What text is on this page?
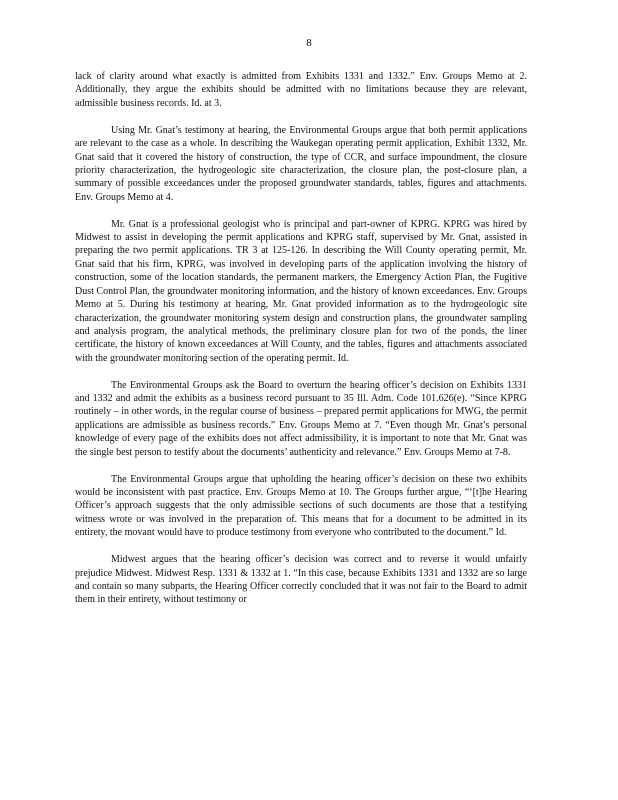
8

lack of clarity around what exactly is admitted from Exhibits 1331 and 1332.” Env. Groups Memo at 2. Additionally, they argue the exhibits should be admitted with no limitations because they are relevant, admissible business records. Id. at 3.

Using Mr. Gnat’s testimony at hearing, the Environmental Groups argue that both permit applications are relevant to the case as a whole. In describing the Waukegan operating permit application, Exhibit 1332, Mr. Gnat said that it covered the history of construction, the type of CCR, and surface impoundment, the closure priority characterization, the hydrogeologic site characterization, the closure plan, the post-closure plan, a summary of possible exceedances under the proposed groundwater standards, tables, figures and attachments. Env. Groups Memo at 4.

Mr. Gnat is a professional geologist who is principal and part-owner of KPRG. KPRG was hired by Midwest to assist in developing the permit applications and KPRG staff, supervised by Mr. Gnat, assisted in preparing the two permit applications. TR 3 at 125-126. In describing the Will County operating permit, Mr. Gnat said that his firm, KPRG, was involved in developing parts of the application involving the history of construction, some of the location standards, the permanent markers, the Emergency Action Plan, the Fugitive Dust Control Plan, the groundwater monitoring information, and the history of known exceedances. Env. Groups Memo at 5. During his testimony at hearing, Mr. Gnat provided information as to the hydrogeologic site characterization, the groundwater monitoring system design and construction plans, the groundwater sampling and analysis program, the analytical methods, the preliminary closure plan for two of the ponds, the liner certificate, the history of known exceedances at Will County, and the tables, figures and attachments associated with the groundwater monitoring section of the operating permit. Id.

The Environmental Groups ask the Board to overturn the hearing officer’s decision on Exhibits 1331 and 1332 and admit the exhibits as a business record pursuant to 35 Ill. Adm. Code 101.626(e). “Since KPRG routinely – in other words, in the regular course of business – prepared permit applications for MWG, the permit applications are admissible as business records.” Env. Groups Memo at 7. “Even though Mr. Gnat’s personal knowledge of every page of the exhibits does not affect admissibility, it is important to note that Mr. Gnat was the single best person to testify about the documents’ authenticity and relevance.” Env. Groups Memo at 7-8.

The Environmental Groups argue that upholding the hearing officer’s decision on these two exhibits would be inconsistent with past practice. Env. Groups Memo at 10. The Groups further argue, “‘[t]he Hearing Officer’s approach suggests that the only admissible sections of such documents are those that a testifying witness wrote or was involved in the preparation of. This means that for a document to be admitted in its entirety, the movant would have to produce testimony from everyone who contributed to the document.” Id.

Midwest argues that the hearing officer’s decision was correct and to reverse it would unfairly prejudice Midwest. Midwest Resp. 1331 & 1332 at 1. “In this case, because Exhibits 1331 and 1332 are so large and contain so many subparts, the Hearing Officer correctly concluded that it was not fair to the Board to admit them in their entirety, without testimony or
